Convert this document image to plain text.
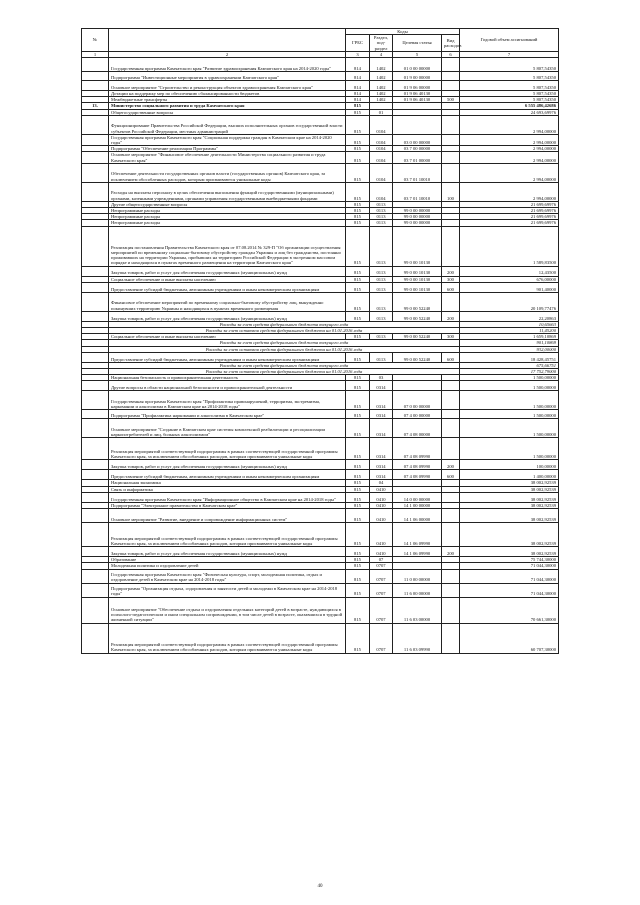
№		Коды				Годовой объем ассигнований
		ГРБС	Раздел, под-раздел	Целевая статья	Вид расходов	
1	2	3	4	5	6	7
	Государственная программа Камчатского края "Развитие здравоохранения Камчатского края на 2014-2020 годы"	814	1402	01 0 00 00000		5 807,54350
	Подпрограмма "Инвестиционные мероприятия в здравоохранении Камчатского края"	814	1402	01 9 00 00000		5 807,54350
	Основное мероприятие "Строительство и реконструкция объектов здравоохранения Камчатского края"	814	1402	01 9 06 00000		5 807,54350
	Дотации на поддержку мер по обеспечению сбалансированности бюджетов	814	1402	01 9 06 40130		5 807,54350
	Межбюджетные трансферты	814	1402	01 9 06 40130	500	5 807,54350
13.	Министерство социального развития и труда Камчатского края	815				6 555 486,42686
	Общегосударственные вопросы	815	01			24 693,69976
	Функционирование Правительства Российской Федерации, высших исполнительных органов государственной власти субъектов Российской Федерации, местных администраций	815	0104			2 994,00000
	Государственная программа Камчатского края "Социальная поддержка граждан в Камчатском крае на 2014-2020 годы"	815	0104	03 0 00 00000		2 994,00000
	Подпрограмма "Обеспечение реализации Программы"	815	0104	03 7 00 00000		2 994,00000
	Основное мероприятие "Финансовое обеспечение деятельности Министерства социального развития и труда Камчатского края"	815	0104	03 7 01 00000		2 994,00000
	Обеспечение деятельности государственных органов власти (государственных органов) Камчатского края, за исключением обособленных расходов, которым присваиваются уникальные коды	815	0104	03 7 01 10010		2 994,00000
	Расходы на выплаты персоналу в целях обеспечения выполнения функций государственными (муниципальными) органами, казенными учреждениями, органами управления государственными внебюджетными фондами	815	0104	03 7 01 10010	100	2 994,00000
	Другие общегосударственные вопросы	815	0113			21 699,69976
	Непрограммные расходы	815	0113	99 0 00 00000		21 699,69976
	Непрограммные расходы	815	0113	99 0 00 00000		21 699,69976
	Непрограммные расходы	815	0113	99 0 00 00000		21 699,69976
	Реализация постановления Правительства Камчатского края от 07.08.2014 № 329-П "Об организации осуществления мероприятий по временному социально-бытовому обустройству граждан Украины и лиц без гражданства, постоянно проживавших на территории Украины, прибывших на территорию Российской Федерации в экстренном массовом порядке и находящихся в пунктах временного размещения на территории Камчатского края"	815	0113	99 0 00 10130		1 589,83500
	Закупка товаров, работ и услуг для обеспечения государственных (муниципальных) нужд	815	0113	99 0 00 10130	200	12,43500
	Социальное обеспечение и иные выплаты населению	815	0113	99 0 00 10130	300	676,00000
	Предоставление субсидий бюджетным, автономным учреждениям и иным некоммерческим организациям	815	0113	99 0 00 10130	600	901,40000
	Финансовое обеспечение мероприятий по временному социально-бытовому обустройству лиц, вынужденно покинувших территорию Украины и находящихся в пунктах временного размещения	815	0113	99 0 00 52240		20 109,77476
	Закупка товаров, работ и услуг для обеспечения государственных (муниципальных) нужд	815	0113	99 0 00 52240	200	22,20863
	Расходы за счет средств федерального бюджета текущего года					10,65663
	Расходы за счет остатков средств федерального бюджета на 01.01.2016 года					11,45200
	Социальное обеспечение и иные выплаты населению	815	0113	99 0 00 52240	300	1 659,10869
	Расходы за счет средств федерального бюджета текущего года					901,10869
	Расходы за счет остатков средств федерального бюджета на 01.01.2016 года					932,00000
	Предоставление субсидий бюджетным, автономным учреждениям и иным некоммерческим организациям	815	0113	99 0 00 52240	600	18 428,45751
	Расходы за счет средств федерального бюджета текущего года					675,66751
	Расходы за счет остатков средств федерального бюджета на 01.01.2016 года					17 752,79000
	Национальная безопасность и правоохранительная деятельность	815	03			1 500,00000
	Другие вопросы в области национальной безопасности и правоохранительной деятельности	815	0314			1 500,00000
	Государственная программа Камчатского края "Профилактика правонарушений, терроризма, экстремизма, наркомании и алкоголизма в Камчатском крае на 2014-2018 годы"	815	0314	07 0 00 00000		1 500,00000
	Подпрограмма "Профилактика наркомании и алкоголизма в Камчатском крае"	815	0314	07 4 00 00000		1 500,00000
	Основное мероприятие "Создание в Камчатском крае системы комплексной реабилитации и ресоциализации наркопотребителей и лиц, больных алкоголизмом"	815	0314	07 4 08 00000		1 500,00000
	Реализация мероприятий соответствующей подпрограммы в рамках соответствующей государственной программы Камчатского края, за исключением обособленных расходов, которым присваиваются уникальные коды	815	0314	07 4 08 09990		1 500,00000
	Закупка товаров, работ и услуг для обеспечения государственных (муниципальных) нужд	815	0314	07 4 08 09990	200	100,00000
	Предоставление субсидий бюджетным, автономным учреждениям и иным некоммерческим организациям	815	0314	07 4 08 09990	600	1 400,00000
	Национальная экономика	815	04			38 002,92539
	Связь и информатика	815	0410			38 002,92539
	Государственная программа Камчатского края "Информационное общество в Камчатском крае на 2014-2018 годы"	815	0410	14 0 00 00000		38 002,92539
	Подпрограмма "Электронное правительство в Камчатском крае"	815	0410	14 1 00 00000		38 002,92539
	Основное мероприятие "Развитие, внедрение и сопровождение информационных систем"	815	0410	14 1 06 00000		38 002,92539
	Реализация мероприятий соответствующей подпрограммы в рамках соответствующей государственной программы Камчатского края, за исключением обособленных расходов, которым присваиваются уникальные коды	815	0410	14 1 06 09990		38 002,92539
	Закупка товаров, работ и услуг для обеспечения государственных (муниципальных) нужд	815	0410	14 1 06 09990	200	38 002,92539
	Образование	815	07			75 744,30000
	Молодежная политика и оздоровление детей	815	0707			71 044,30000
	Государственная программа Камчатского края "Физическая культура, спорт, молодежная политика, отдых и оздоровление детей в Камчатском крае на 2014-2018 годы"	815	0707	11 0 00 00000		71 044,30000
	Подпрограмма "Организация отдыха, оздоровления и занятости детей и молодежи в Камчатском крае на 2014-2018 годы"	815	0707	11 6 00 00000		71 044,30000
	Основное мероприятие "Обеспечение отдыха и оздоровления отдельных категорий детей в возрасте, нуждающихся в психолого-педагогическом и ином специальном сопровождении, в том числе детей в возрасте, оказавшихся в трудной жизненной ситуации"	815	0707	11 6 03 00000		70 661,30000
	Реализация мероприятий соответствующей подпрограммы в рамках соответствующей государственной программы Камчатского края, за исключением обособленных расходов, которым присваиваются уникальные коды	815	0707	11 6 03 09990		60 707,30000
40
